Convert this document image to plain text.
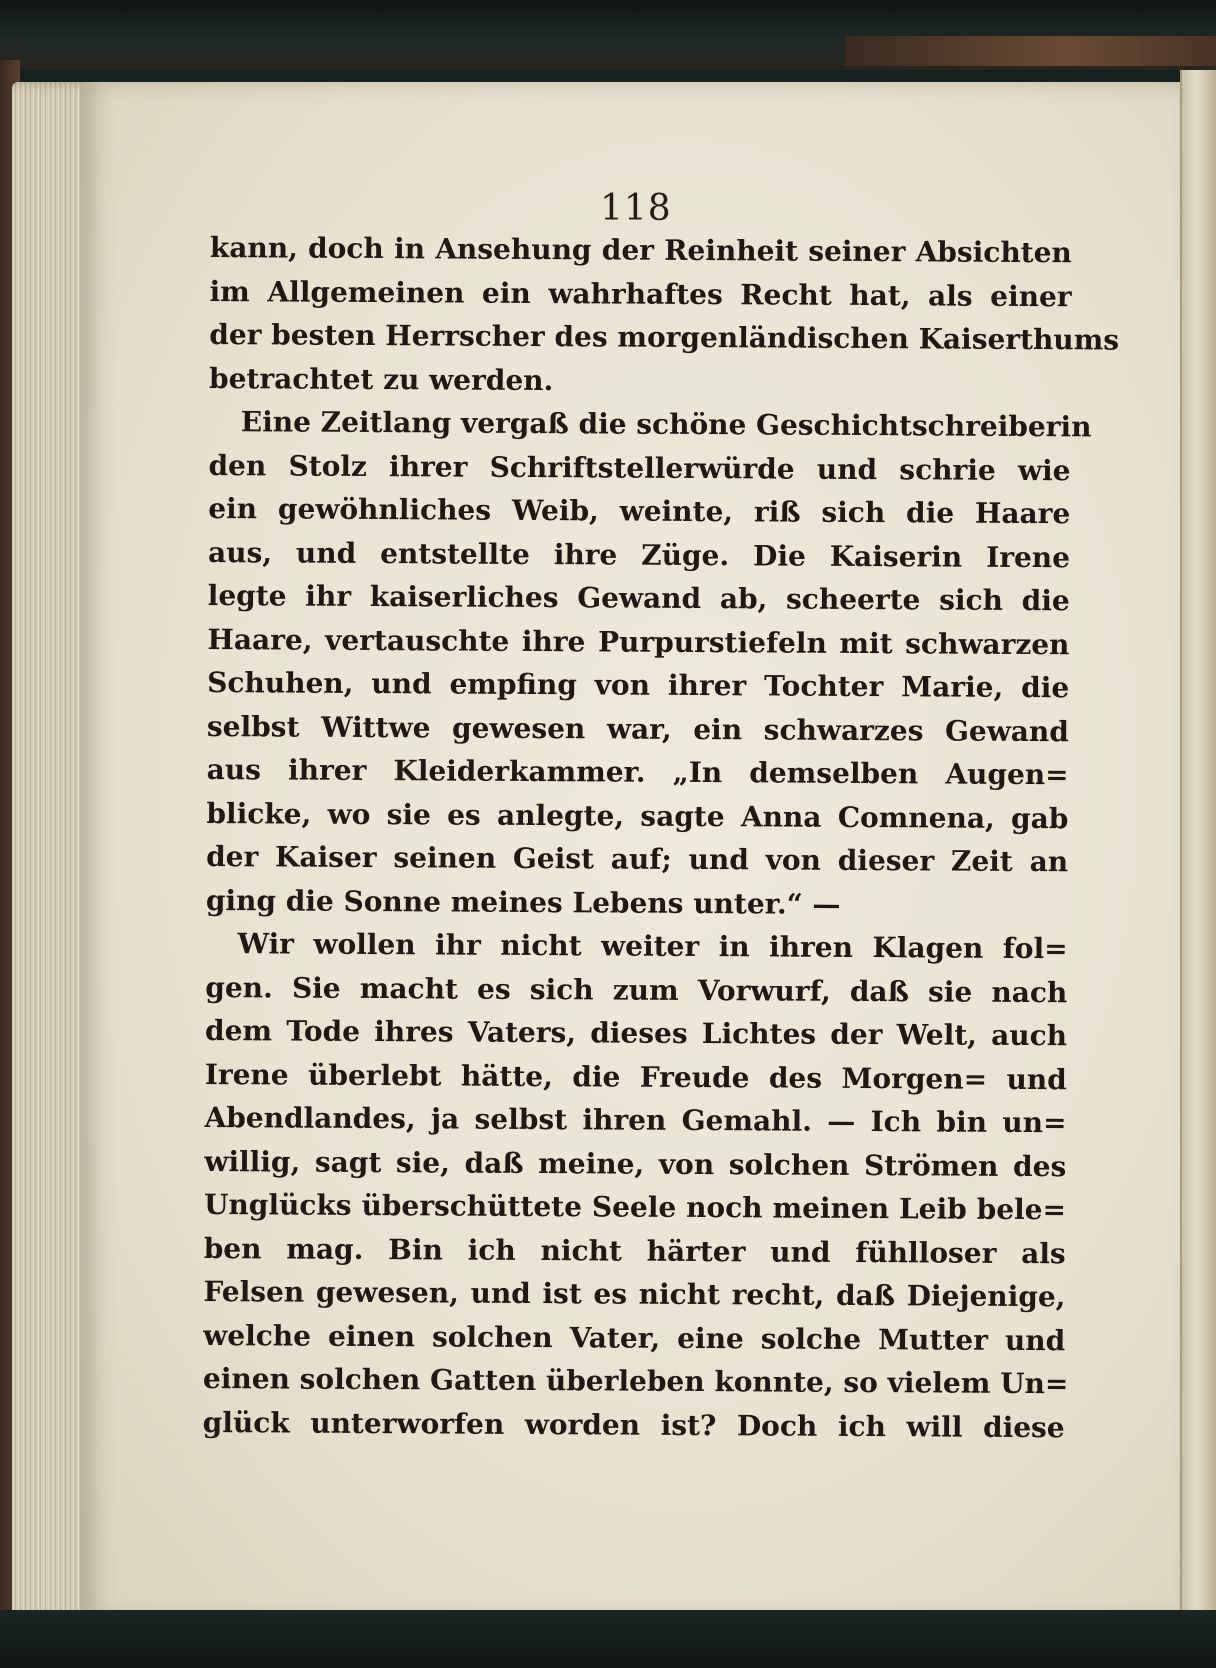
118
kann, doch in Ansehung der Reinheit seiner Absichten
im Allgemeinen ein wahrhaftes Recht hat, als einer
der besten Herrscher des morgenländischen Kaiserthums
betrachtet zu werden.
Eine Zeitlang vergaß die schöne Geschichtschreiberin
den Stolz ihrer Schriftstellerwürde und schrie wie
ein gewöhnliches Weib, weinte, riß sich die Haare
aus, und entstellte ihre Züge. Die Kaiserin Irene
legte ihr kaiserliches Gewand ab, scheerte sich die
Haare, vertauschte ihre Purpurstiefeln mit schwarzen
Schuhen, und empfing von ihrer Tochter Marie, die
selbst Wittwe gewesen war, ein schwarzes Gewand
aus ihrer Kleiderkammer. „In demselben Augen=
blicke, wo sie es anlegte, sagte Anna Comnena, gab
der Kaiser seinen Geist auf; und von dieser Zeit an
ging die Sonne meines Lebens unter.“ —
Wir wollen ihr nicht weiter in ihren Klagen fol=
gen. Sie macht es sich zum Vorwurf, daß sie nach
dem Tode ihres Vaters, dieses Lichtes der Welt, auch
Irene überlebt hätte, die Freude des Morgen= und
Abendlandes, ja selbst ihren Gemahl. — Ich bin un=
willig, sagt sie, daß meine, von solchen Strömen des
Unglücks überschüttete Seele noch meinen Leib bele=
ben mag. Bin ich nicht härter und fühlloser als
Felsen gewesen, und ist es nicht recht, daß Diejenige,
welche einen solchen Vater, eine solche Mutter und
einen solchen Gatten überleben konnte, so vielem Un=
glück unterworfen worden ist? Doch ich will diese
